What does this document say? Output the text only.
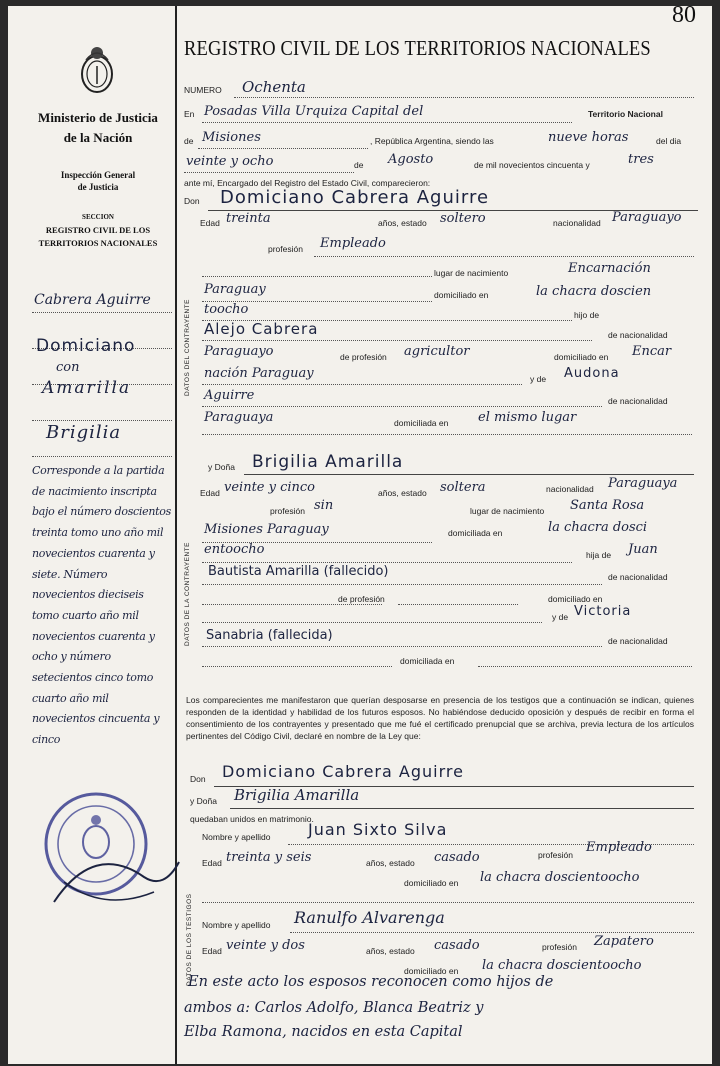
80
Ministerio de Justicia
de la Nación
Inspección General
de Justicia
SECCION
REGISTRO CIVIL DE LOS
TERRITORIOS NACIONALES
REGISTRO CIVIL DE LOS TERRITORIOS NACIONALES
NUMERO Ochenta
En Posadas Villa Urquiza Capital del	Territorio Nacional
de Misiones	, República Argentina, siendo las	nueve horas	del dia
veinte y ocho	de Agosto	de mil novecientos cincuenta y	tres
ante mí, Encargado del Registro del Estado Civil, comparecieron:
Don Domiciano Cabrera Aguirre
DATOS DEL CONTRAYENTE
Edad treinta	años, estado soltero	nacionalidad Paraguayo
profesión Empleado
lugar de nacimiento	Encarnación
Paraguay	domiciliado en	la chacra doscien
toocho	hijo de
Alejo Cabrera	de nacionalidad
Paraguayo	de profesión agricultor	domiciliado en Encar
nación Paraguay	y de Audona
Aguirre	de nacionalidad
Paraguaya	domiciliada en el mismo lugar
y Doña Brigilia Amarilla
DATOS DE LA CONTRAYENTE
Edad veinte y cinco	años, estado soltera	nacionalidad Paraguaya
profesión sin	lugar de nacimiento Santa Rosa
Misiones Paraguay	domiciliada en	la chacra dosci
entoocho	hija de Juan
Bautista Amarilla (fallecido)	de nacionalidad
de profesión	domiciliado en
y de Victoria
Sanabria (fallecida)	de nacionalidad
domiciliada en
Los comparecientes me manifestaron que querían desposarse en presencia de los testigos que a continuación se indican, quienes responden de la identidad y habilidad de los futuros esposos. No habiéndose deducido oposición y después de recibir en forma el consentimiento de los contrayentes y presentado que me fué el certificado prenupcial que se archiva, previa lectura de los artículos pertinentes del Código Civil, declaré en nombre de la Ley que:
Don Domiciano Cabrera Aguirre
y Doña Brigilia Amarilla
quedaban unidos en matrimonio.
DATOS DE LOS TESTIGOS
Nombre y apellido Juan Sixto Silva
Edad treinta y seis	años, estado casado	profesión Empleado
domiciliado en la chacra doscientoocho
Nombre y apellido Ranulfo Alvarenga
Edad veinte y dos	años, estado casado	profesión Zapatero
domiciliado en la chacra doscientoocho
En este acto los esposos reconocen como hijos de
ambos a: Carlos Adolfo, Blanca Beatriz y
Elba Ramona, nacidos en esta Capital
Cabrera Aguirre
Domiciano
con
Amarilla
Brigilia
Corresponde a la partida de nacimiento inscripta bajo el número doscientos treinta tomo uno año mil novecientos cuarenta y siete. Número novecientos dieciseis tomo cuarto año mil novecientos cuarenta y ocho y número setecientos cinco tomo cuarto año mil novecientos cincuenta y cinco
